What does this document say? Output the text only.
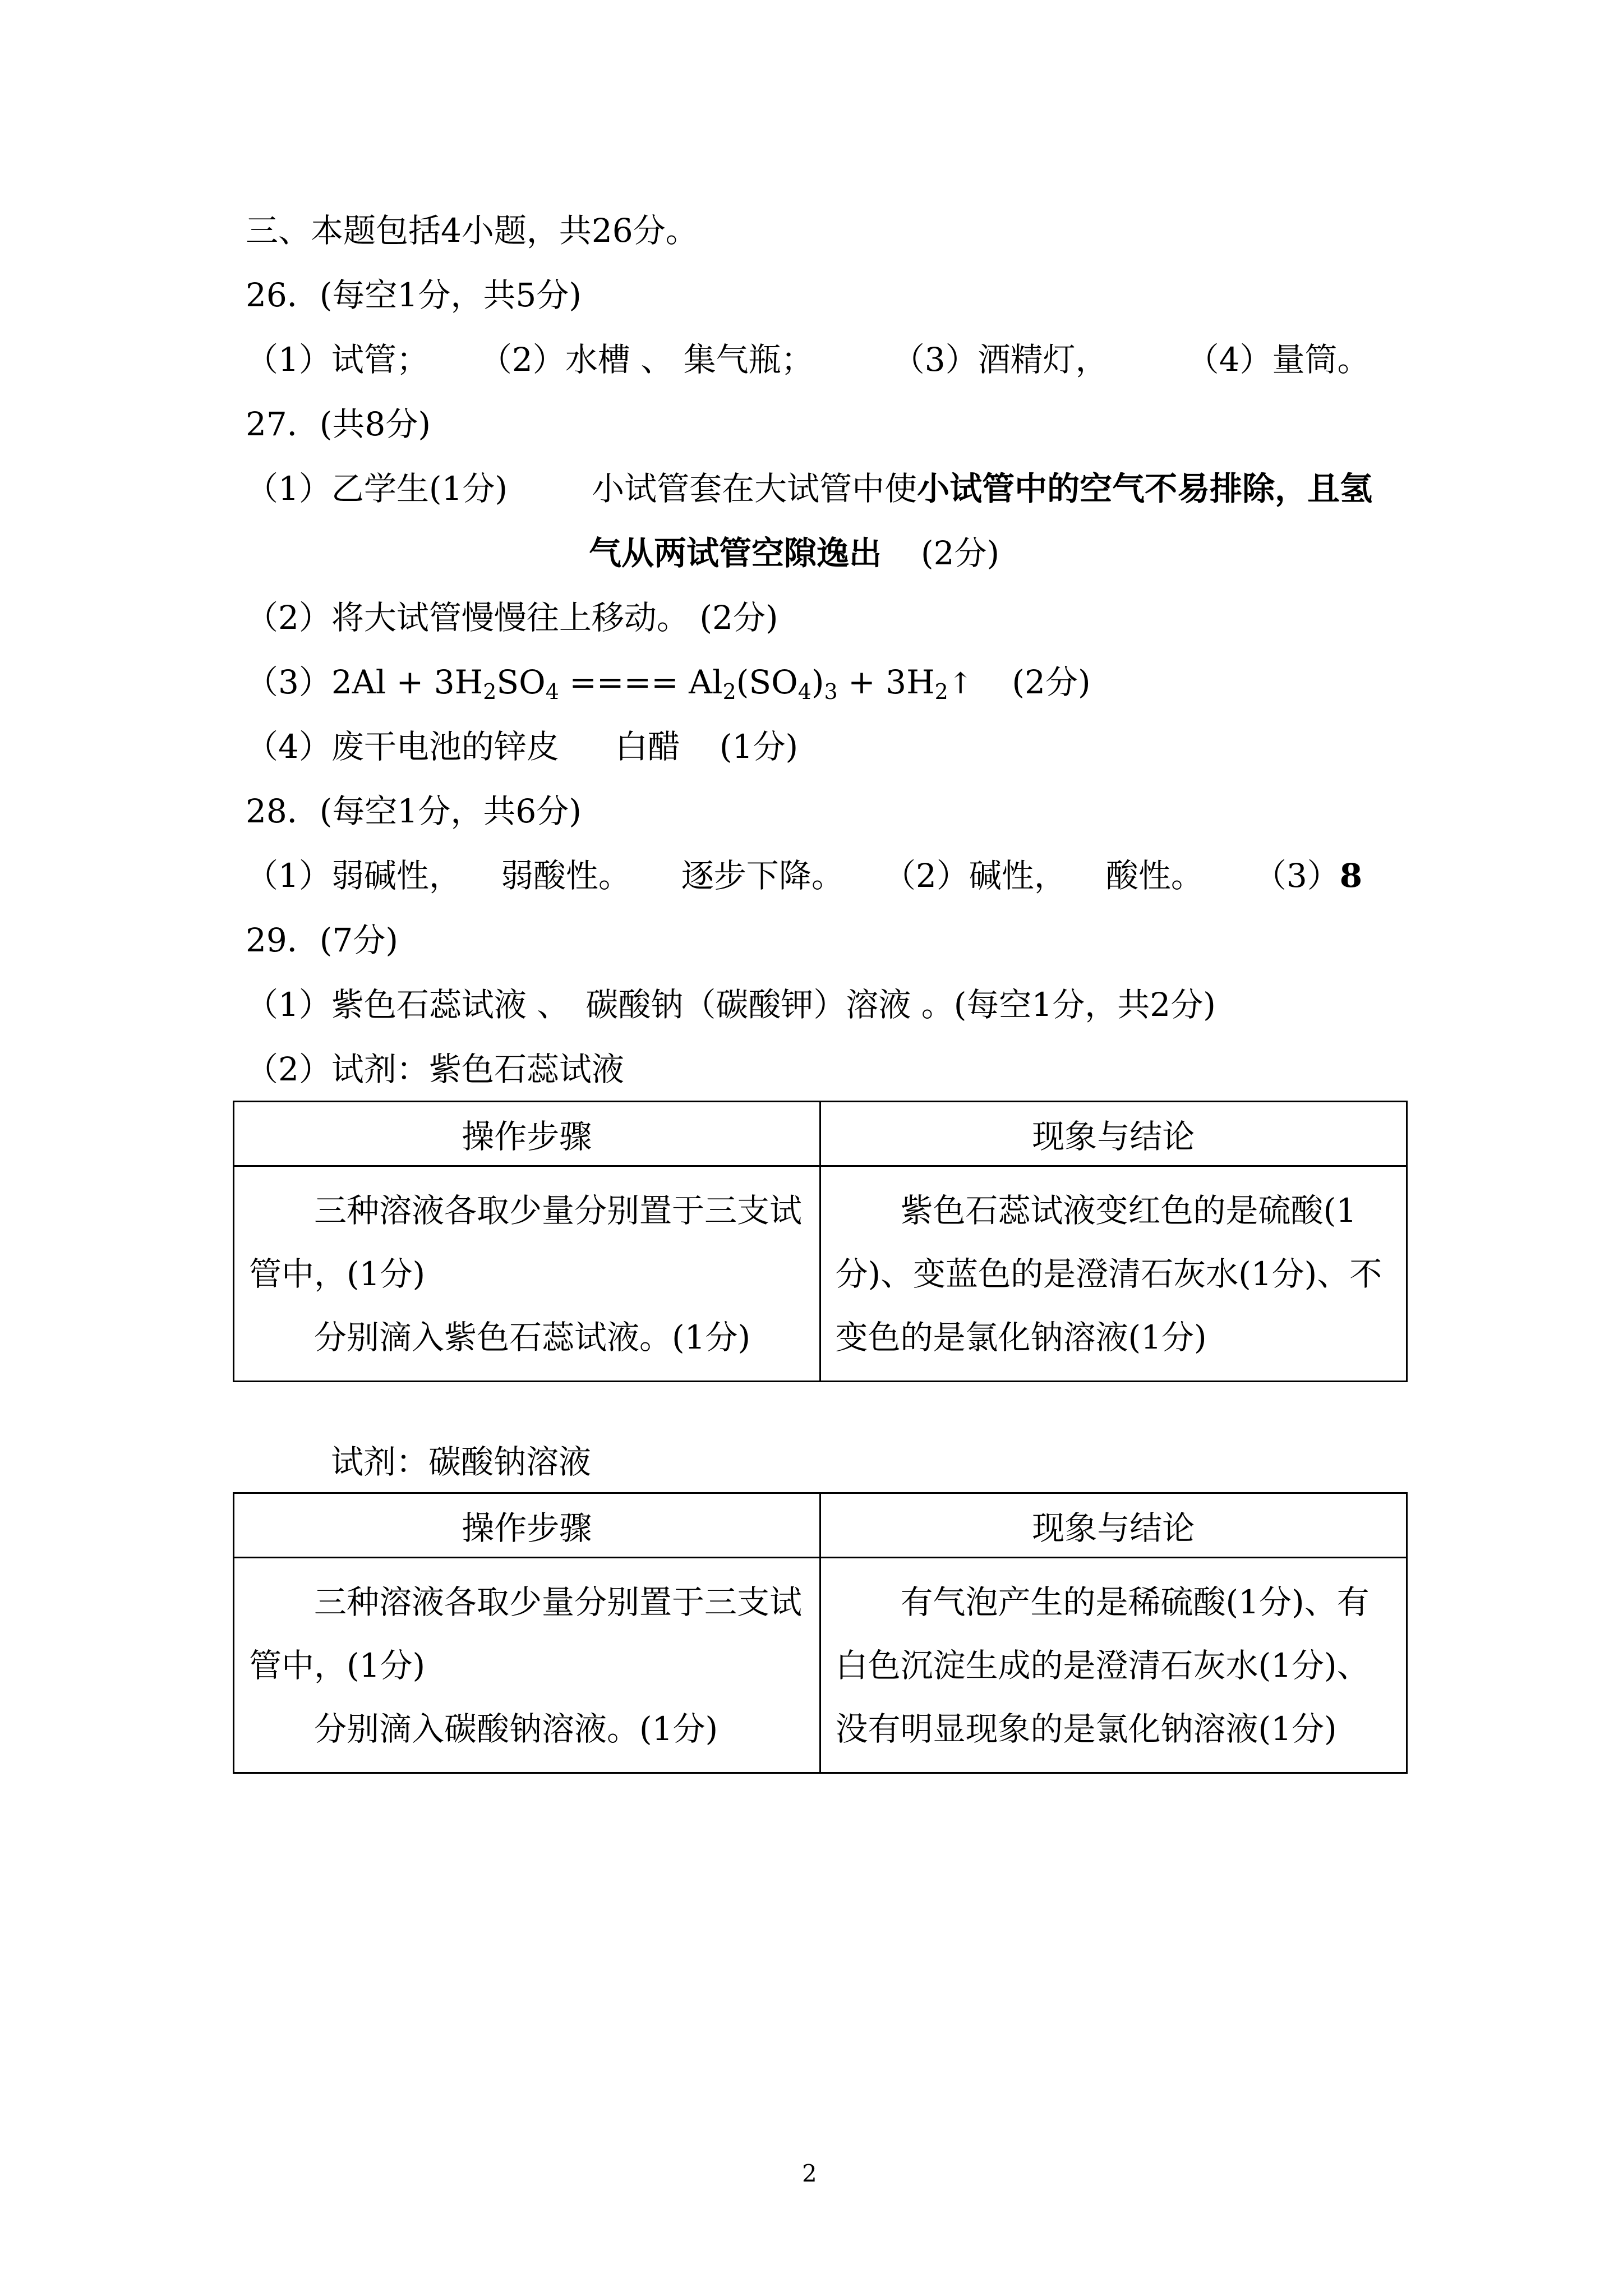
三、本题包括4小题，共26分。
26．(每空1分，共5分)
（1）试管； （2）水槽 、 集气瓶； （3）酒精灯， （4）量筒。
27．(共8分)
（1）乙学生(1分)	小试管套在大试管中使小试管中的空气不易排除，且氢
气从两试管空隙逸出 (2分)
（2）将大试管慢慢往上移动。 (2分)
$(3)2Al + 3H_2SO_4$ ==== $Al_2(SO_4)_3$ + $3H_2↑$ (2分)
（4）废干电池的锌皮 白醋 (1分)
28．(每空1分，共6分)
（1）弱碱性， 弱酸性。 逐步下降。 （2）碱性， 酸性。 （3）8
29．(7分)
（1）紫色石蕊试液 、　碳酸钠（碳酸钾）溶液 。(每空1分，共2分)
（2）试剂：紫色石蕊试液
操作步骤	现象与结论

三种溶液各取少量分别置于三支试管中，(1分)

分别滴入紫色石蕊试液。(1分)	紫色石蕊试液变红色的是硫酸(1分)、变蓝色的是澄清石灰水(1分)、不变色的是氯化钠溶液(1分)

试剂：碳酸钠溶液
操作步骤	现象与结论

三种溶液各取少量分别置于三支试管中，(1分)

分别滴入碳酸钠溶液。(1分)	有气泡产生的是稀硫酸(1分)、有白色沉淀生成的是澄清石灰水(1分)、没有明显现象的是氯化钠溶液(1分)

2
